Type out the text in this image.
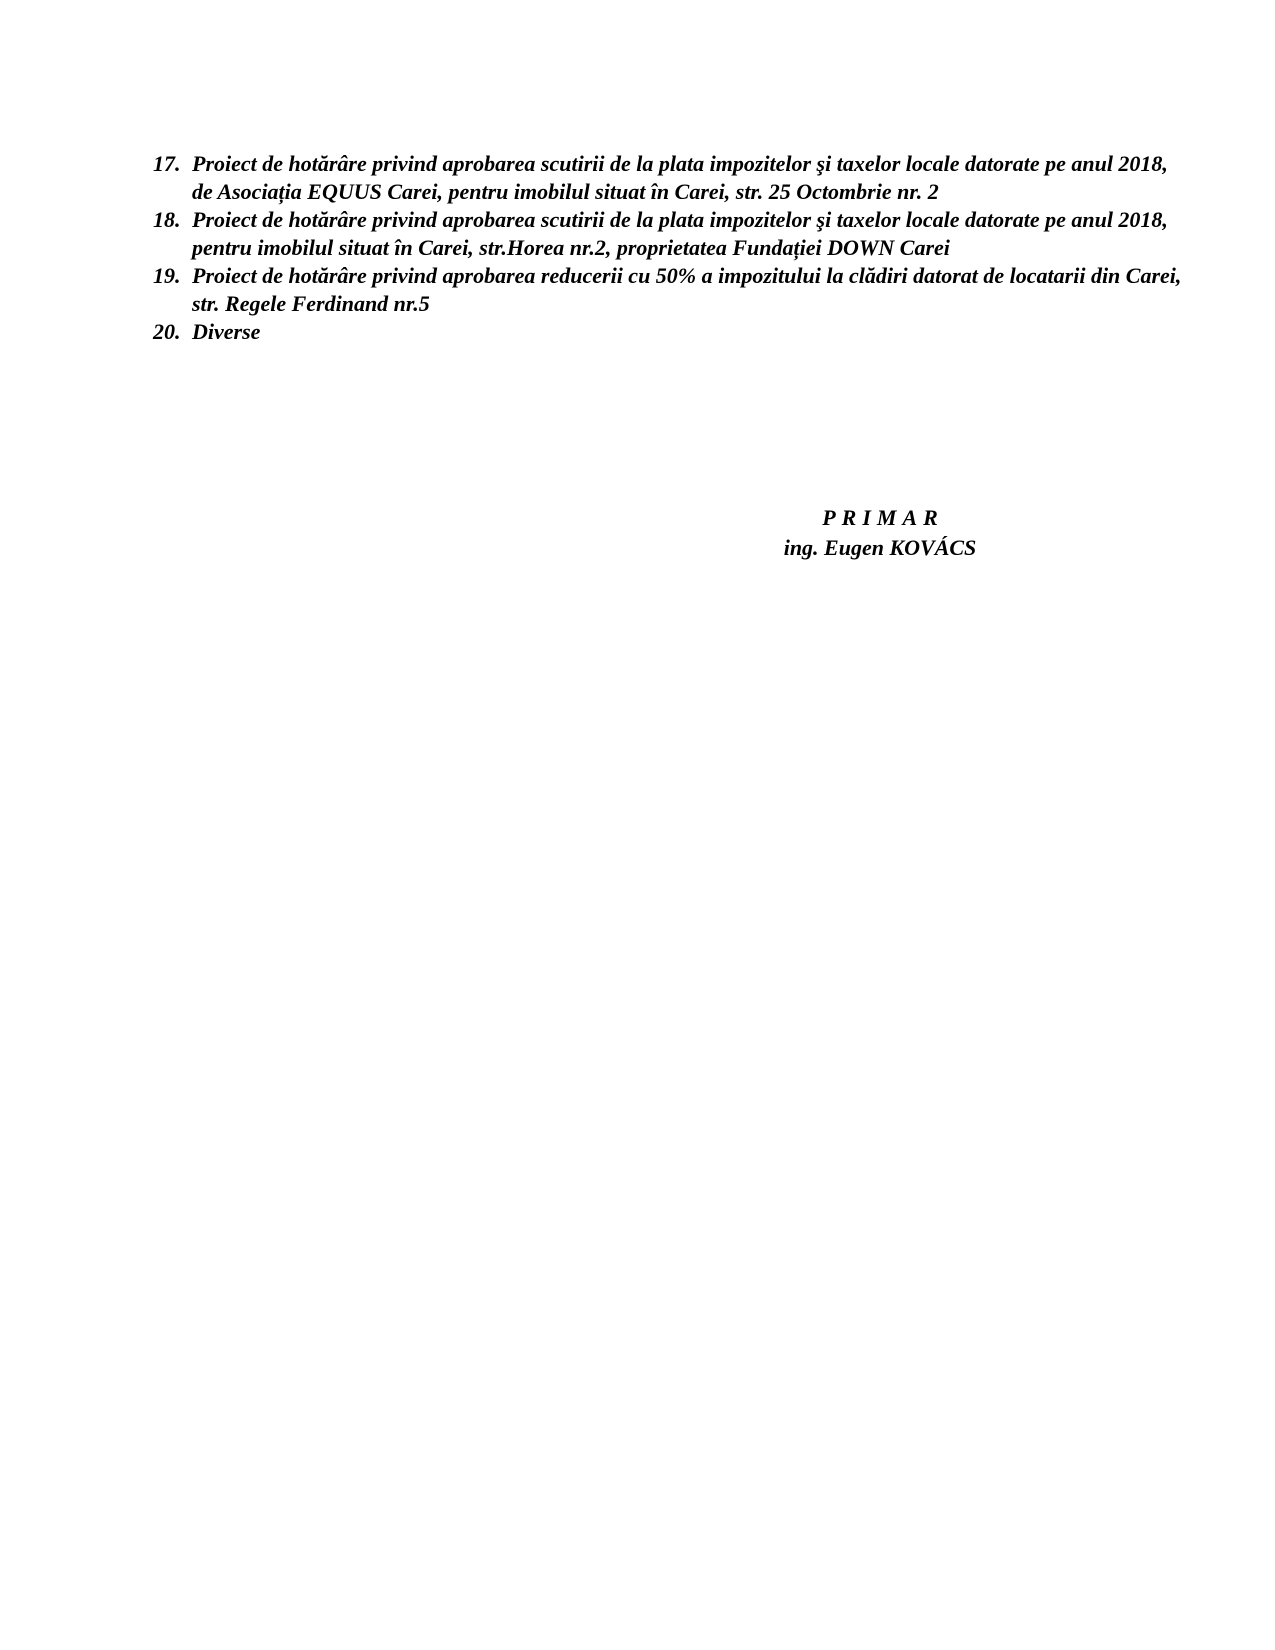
17. Proiect de hotărâre privind aprobarea scutirii de la plata impozitelor şi taxelor locale datorate pe anul 2018, de Asociația EQUUS Carei, pentru imobilul situat în Carei, str. 25 Octombrie nr. 2
18. Proiect de hotărâre privind aprobarea scutirii de la plata impozitelor şi taxelor locale datorate pe anul 2018, pentru imobilul situat în Carei, str.Horea nr.2, proprietatea Fundației DOWN Carei
19. Proiect de hotărâre privind aprobarea reducerii cu 50% a impozitului la clădiri datorat de locatarii din Carei, str. Regele Ferdinand nr.5
20. Diverse
PRIMAR
ing. Eugen KOVÁCS
